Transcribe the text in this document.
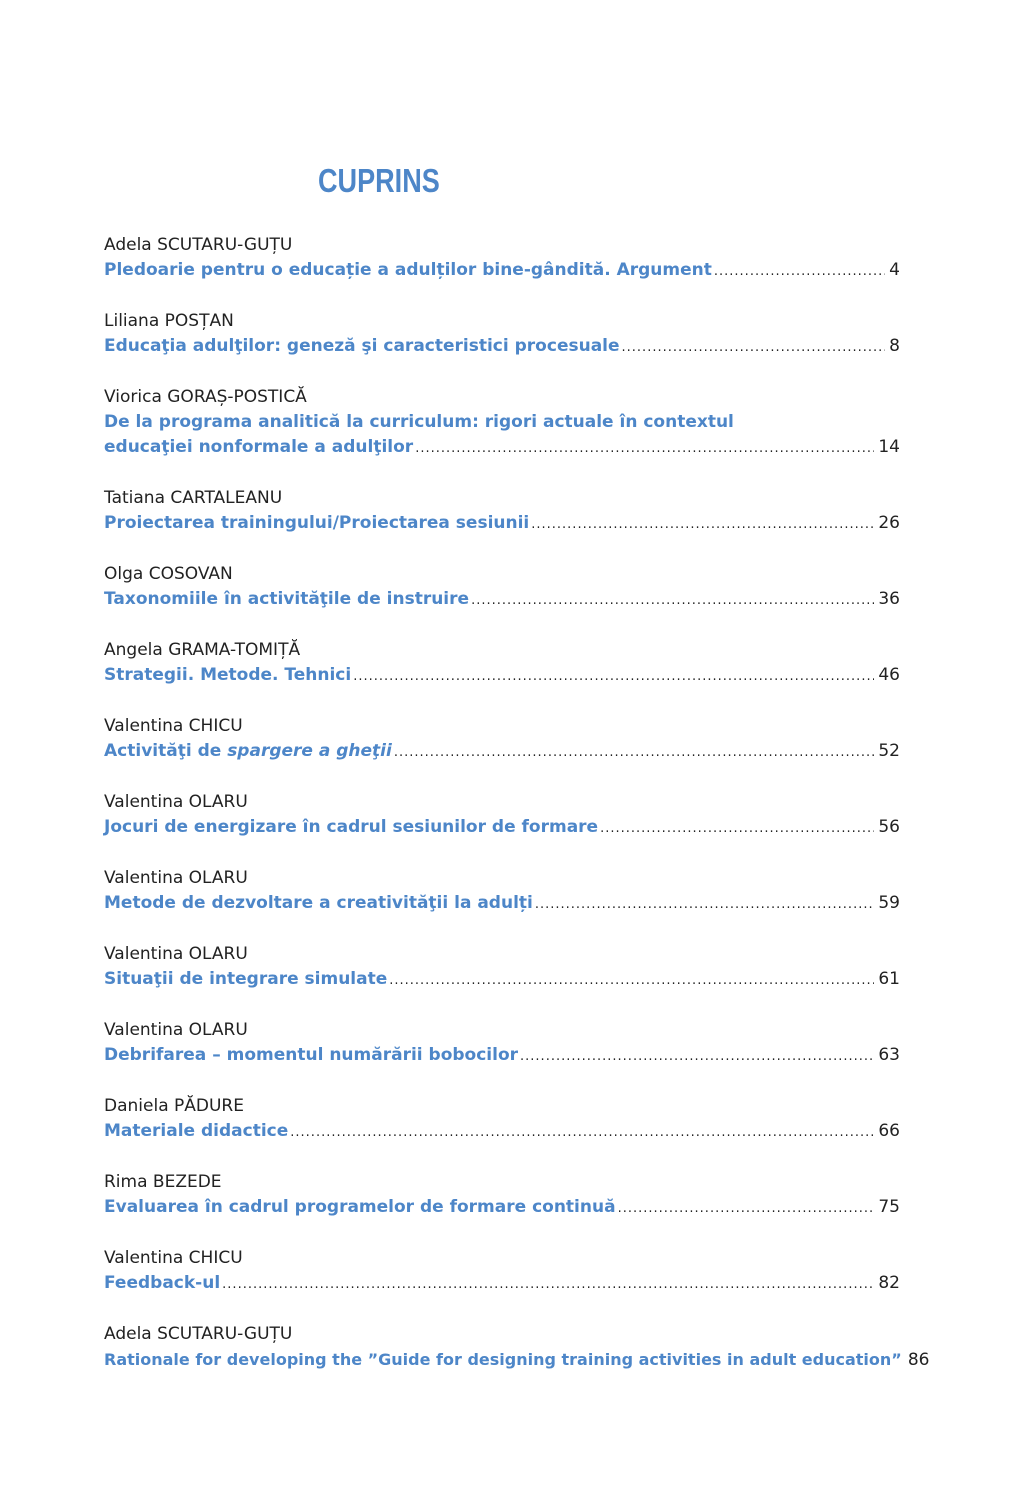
CUPRINS
Adela SCUTARU-GUȚU
Pledoarie pentru o educație a adulților bine-gândită. Argument .....	4
Liliana POSȚAN
Educaţia adulţilor: geneză şi caracteristici procesuale .....	8
Viorica GORAȘ-POSTICĂ
De la programa analitică la curriculum: rigori actuale în contextul
educaţiei nonformale a adulţilor .....	14
Tatiana CARTALEANU
Proiectarea trainingului/Proiectarea sesiunii .....	26
Olga COSOVAN
Taxonomiile în activităţile de instruire .....	36
Angela GRAMA-TOMIȚĂ
Strategii. Metode. Tehnici .....	46
Valentina CHICU
Activităţi de spargere a gheţii .....	52
Valentina OLARU
Jocuri de energizare în cadrul sesiunilor de formare .....	56
Valentina OLARU
Metode de dezvoltare a creativităţii la adulți .....	59
Valentina OLARU
Situaţii de integrare simulate .....	61
Valentina OLARU
Debrifarea – momentul numărării bobocilor .....	63
Daniela PĂDURE
Materiale didactice .....	66
Rima BEZEDE
Evaluarea în cadrul programelor de formare continuă .....	75
Valentina CHICU
Feedback-ul .....	82
Adela SCUTARU-GUȚU
Rationale for developing the ”Guide for designing training activities in adult education” 86
